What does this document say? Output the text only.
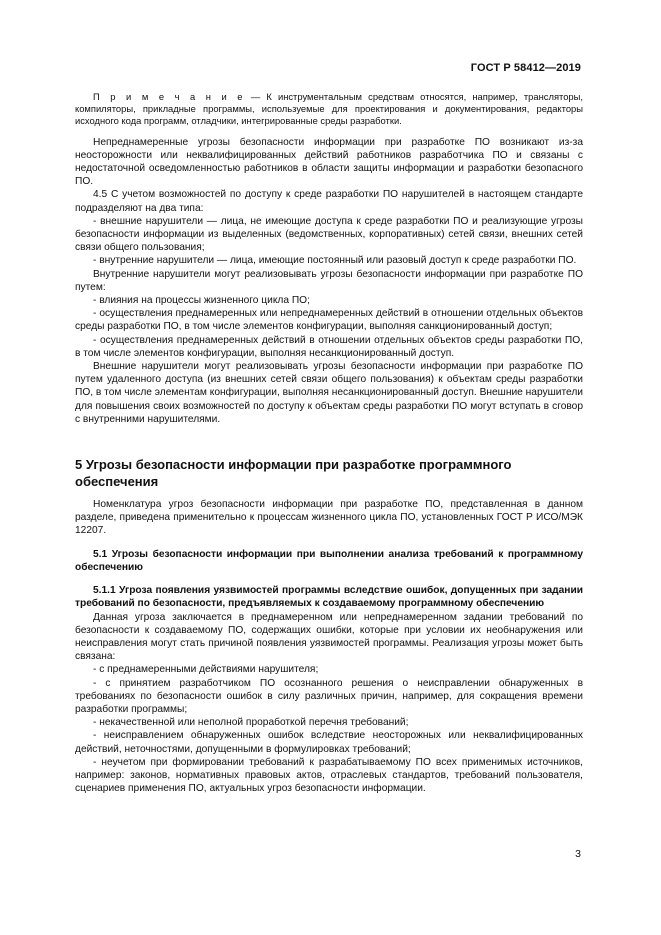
ГОСТ Р 58412—2019
П р и м е ч а н и е — К инструментальным средствам относятся, например, трансляторы, компиляторы, прикладные программы, используемые для проектирования и документирования, редакторы исходного кода программ, отладчики, интегрированные среды разработки.

Непреднамеренные угрозы безопасности информации при разработке ПО возникают из-за неосторожности или неквалифицированных действий работников разработчика ПО и связаны с недостаточной осведомленностью работников в области защиты информации и разработки безопасного ПО.

4.5 С учетом возможностей по доступу к среде разработки ПО нарушителей в настоящем стандарте подразделяют на два типа:

- внешние нарушители — лица, не имеющие доступа к среде разработки ПО и реализующие угрозы безопасности информации из выделенных (ведомственных, корпоративных) сетей связи, внешних сетей связи общего пользования;

- внутренние нарушители — лица, имеющие постоянный или разовый доступ к среде разработки ПО.

Внутренние нарушители могут реализовывать угрозы безопасности информации при разработке ПО путем:

- влияния на процессы жизненного цикла ПО;

- осуществления преднамеренных или непреднамеренных действий в отношении отдельных объектов среды разработки ПО, в том числе элементов конфигурации, выполняя санкционированный доступ;

- осуществления преднамеренных действий в отношении отдельных объектов среды разработки ПО, в том числе элементов конфигурации, выполняя несанкционированный доступ.

Внешние нарушители могут реализовывать угрозы безопасности информации при разработке ПО путем удаленного доступа (из внешних сетей связи общего пользования) к объектам среды разработки ПО, в том числе элементам конфигурации, выполняя несанкционированный доступ. Внешние нарушители для повышения своих возможностей по доступу к объектам среды разработки ПО могут вступать в сговор с внутренними нарушителями.

5 Угрозы безопасности информации при разработке программного обеспечения

Номенклатура угроз безопасности информации при разработке ПО, представленная в данном разделе, приведена применительно к процессам жизненного цикла ПО, установленных ГОСТ Р ИСО/МЭК 12207.

5.1 Угрозы безопасности информации при выполнении анализа требований к программному обеспечению

5.1.1 Угроза появления уязвимостей программы вследствие ошибок, допущенных при задании требований по безопасности, предъявляемых к создаваемому программному обеспечению

Данная угроза заключается в преднамеренном или непреднамеренном задании требований по безопасности к создаваемому ПО, содержащих ошибки, которые при условии их необнаружения или неисправления могут стать причиной появления уязвимостей программы. Реализация угрозы может быть связана:

- с преднамеренными действиями нарушителя;

- с принятием разработчиком ПО осознанного решения о неисправлении обнаруженных в требованиях по безопасности ошибок в силу различных причин, например, для сокращения времени разработки программы;

- некачественной или неполной проработкой перечня требований;

- неисправлением обнаруженных ошибок вследствие неосторожных или неквалифицированных действий, неточностями, допущенными в формулировках требований;

- неучетом при формировании требований к разрабатываемому ПО всех применимых источников, например: законов, нормативных правовых актов, отраслевых стандартов, требований пользователя, сценариев применения ПО, актуальных угроз безопасности информации.

3
